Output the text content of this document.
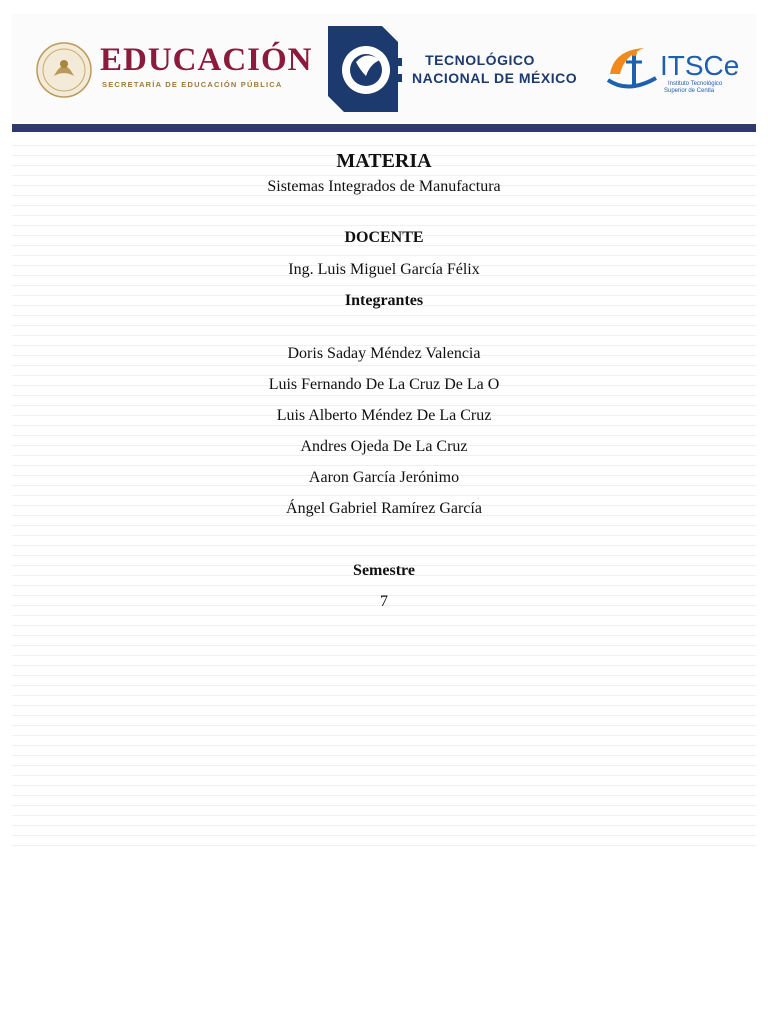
EDUCACIÓN
SECRETARÍA DE EDUCACIÓN PÚBLICA
TECNOLÓGICO
NACIONAL DE MÉXICO	ITSCe
Instituto Tecnológico
Superior de Centla
MATERIA
Sistemas Integrados de Manufactura
DOCENTE
Ing. Luis Miguel García Félix
Integrantes
Doris Saday Méndez Valencia
Luis Fernando De La Cruz De La O
Luis Alberto Méndez De La Cruz
Andres Ojeda De La Cruz
Aaron García Jerónimo
Ángel Gabriel Ramírez García
Semestre
7
